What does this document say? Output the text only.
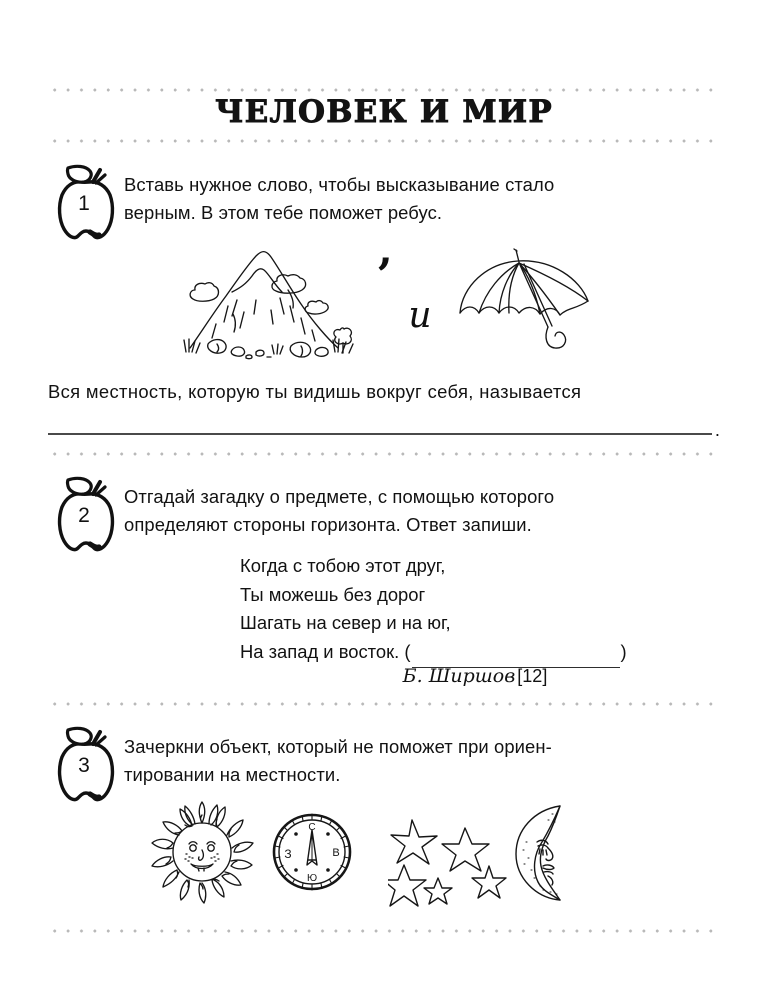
ЧЕЛОВЕК И МИР
1
Вставь нужное слово, чтобы высказывание стало
верным. В этом тебе поможет ребус.
’
и
Вся местность, которую ты видишь вокруг себя, называется
.
2
Отгадай загадку о предмете, с помощью которого
определяют стороны горизонта. Ответ запиши.
Когда с тобою этот друг,
Ты можешь без дорог
Шагать на север и на юг,
На запад и восток. (	)
Б. Ширшов [12]
3
Зачеркни объект, который не поможет при ориен-
тировании на местности.
С
В
Ю
З
